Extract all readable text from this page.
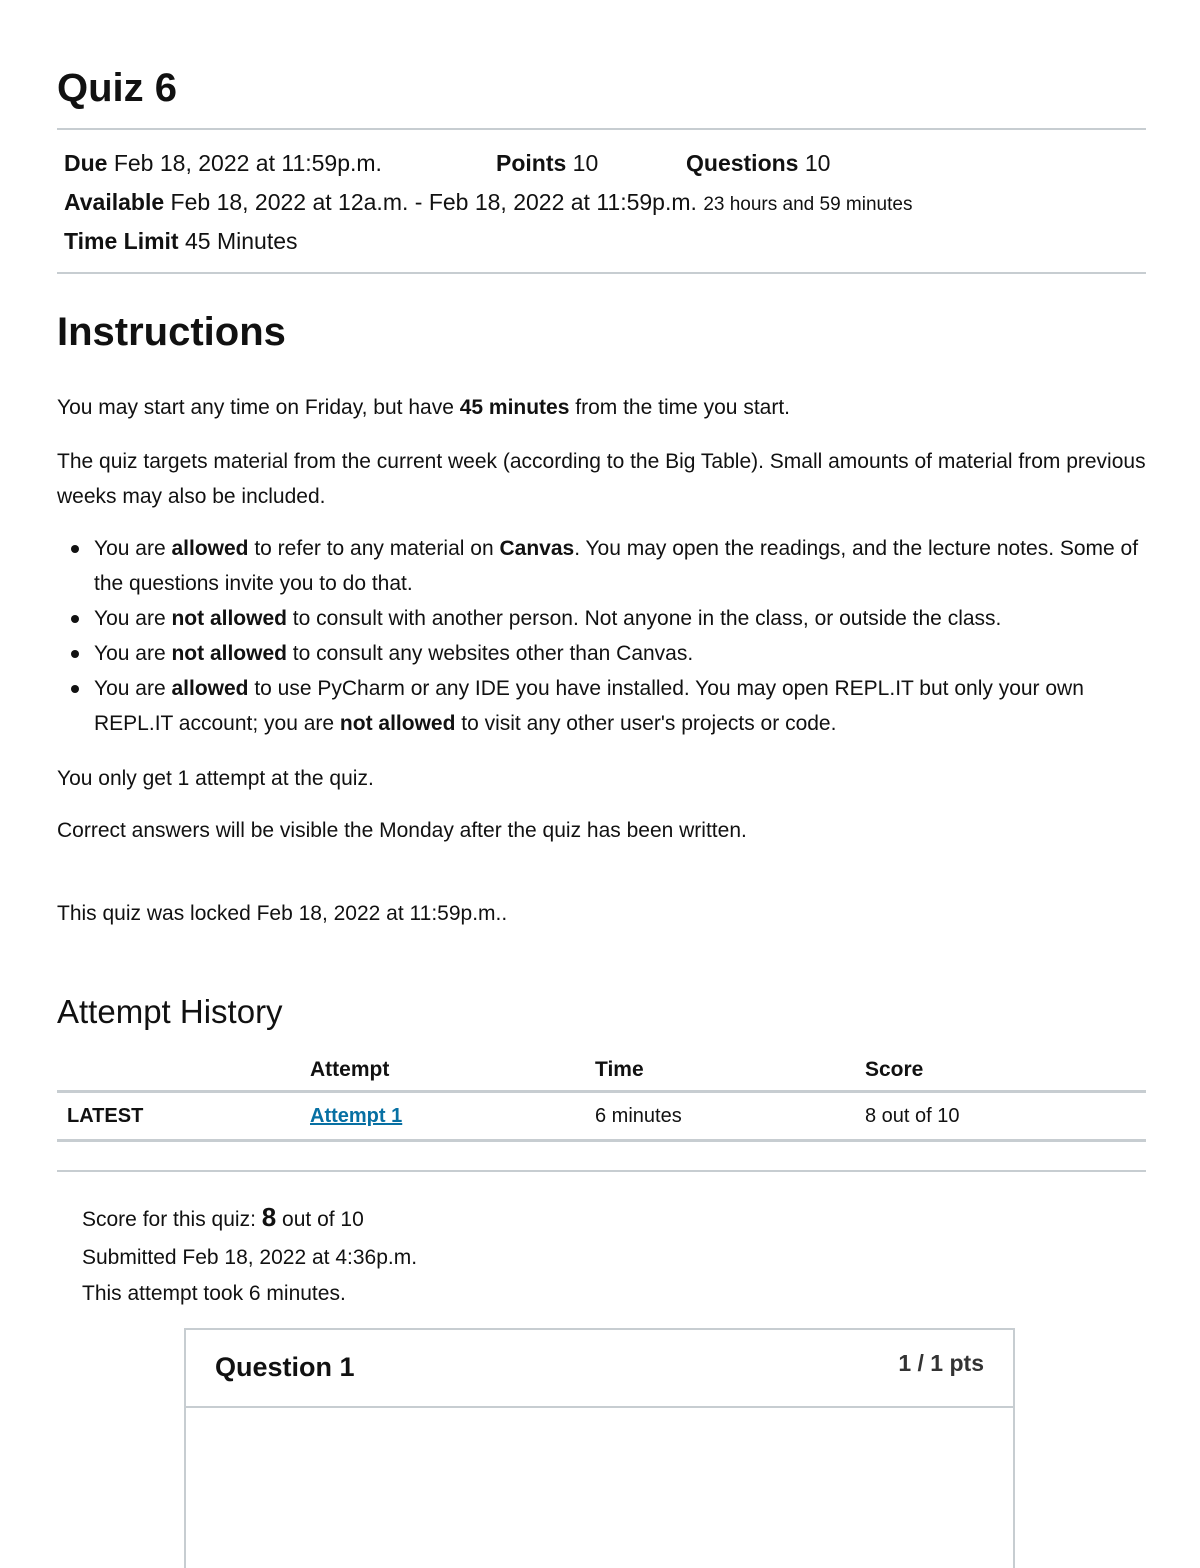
Quiz 6
Due Feb 18, 2022 at 11:59p.m.	Points 10	Questions 10
Available Feb 18, 2022 at 12a.m. - Feb 18, 2022 at 11:59p.m. 23 hours and 59 minutes
Time Limit 45 Minutes
Instructions
You may start any time on Friday, but have 45 minutes from the time you start.
The quiz targets material from the current week (according to the Big Table). Small amounts of material from previous weeks may also be included.
You are allowed to refer to any material on Canvas. You may open the readings, and the lecture notes. Some of the questions invite you to do that.
You are not allowed to consult with another person. Not anyone in the class, or outside the class.
You are not allowed to consult any websites other than Canvas.
You are allowed to use PyCharm or any IDE you have installed. You may open REPL.IT but only your own REPL.IT account; you are not allowed to visit any other user's projects or code.
You only get 1 attempt at the quiz.
Correct answers will be visible the Monday after the quiz has been written.
This quiz was locked Feb 18, 2022 at 11:59p.m..
Attempt History
	Attempt	Time	Score
LATEST	Attempt 1	6 minutes	8 out of 10
Score for this quiz: 8 out of 10
Submitted Feb 18, 2022 at 4:36p.m.
This attempt took 6 minutes.
Question 1	1 / 1 pts
